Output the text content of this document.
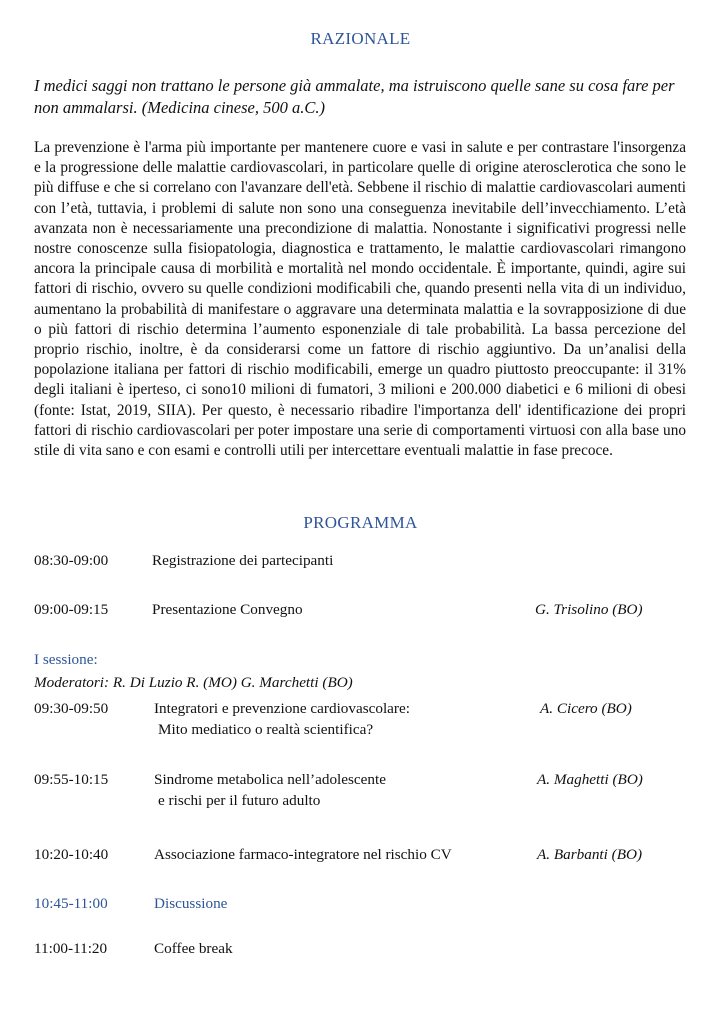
RAZIONALE
I medici saggi non trattano le persone già ammalate, ma istruiscono quelle sane su cosa fare per non ammalarsi. (Medicina cinese, 500 a.C.)
La prevenzione è l'arma più importante per mantenere cuore e vasi in salute e per contrastare l'insorgenza e la progressione delle malattie cardiovascolari, in particolare quelle di origine aterosclerotica che sono le più diffuse e che si correlano con l'avanzare dell'età. Sebbene il rischio di malattie cardiovascolari aumenti con l’età, tuttavia, i problemi di salute non sono una conseguenza inevitabile dell’invecchiamento. L’età avanzata non è necessariamente una precondizione di malattia. Nonostante i significativi progressi nelle nostre conoscenze sulla fisiopatologia, diagnostica e trattamento, le malattie cardiovascolari rimangono ancora la principale causa di morbilità e mortalità nel mondo occidentale. È importante, quindi, agire sui fattori di rischio, ovvero su quelle condizioni modificabili che, quando presenti nella vita di un individuo, aumentano la probabilità di manifestare o aggravare una determinata malattia e la sovrapposizione di due o più fattori di rischio determina l’aumento esponenziale di tale probabilità. La bassa percezione del proprio rischio, inoltre, è da considerarsi come un fattore di rischio aggiuntivo. Da un’analisi della popolazione italiana per fattori di rischio modificabili, emerge un quadro piuttosto preoccupante: il 31% degli italiani è iperteso, ci sono10 milioni di fumatori, 3 milioni e 200.000 diabetici e 6 milioni di obesi (fonte: Istat, 2019, SIIA). Per questo, è necessario ribadire l'importanza dell' identificazione dei propri fattori di rischio cardiovascolari per poter impostare una serie di comportamenti virtuosi con alla base uno stile di vita sano e con esami e controlli utili per intercettare eventuali malattie in fase precoce.
PROGRAMMA
08:30-09:00	Registrazione dei partecipanti
09:00-09:15	Presentazione Convegno	G. Trisolino (BO)
I sessione:
Moderatori: R. Di Luzio R. (MO) G. Marchetti (BO)
09:30-09:50	Integratori e prevenzione cardiovascolare:
Mito mediatico o realtà scientifica?
A. Cicero (BO)
09:55-10:15	Sindrome metabolica nell’adolescente
e rischi per il futuro adulto
A. Maghetti (BO)
10:20-10:40	Associazione farmaco-integratore nel rischio CV	A. Barbanti (BO)
10:45-11:00	Discussione
11:00-11:20	Coffee break
